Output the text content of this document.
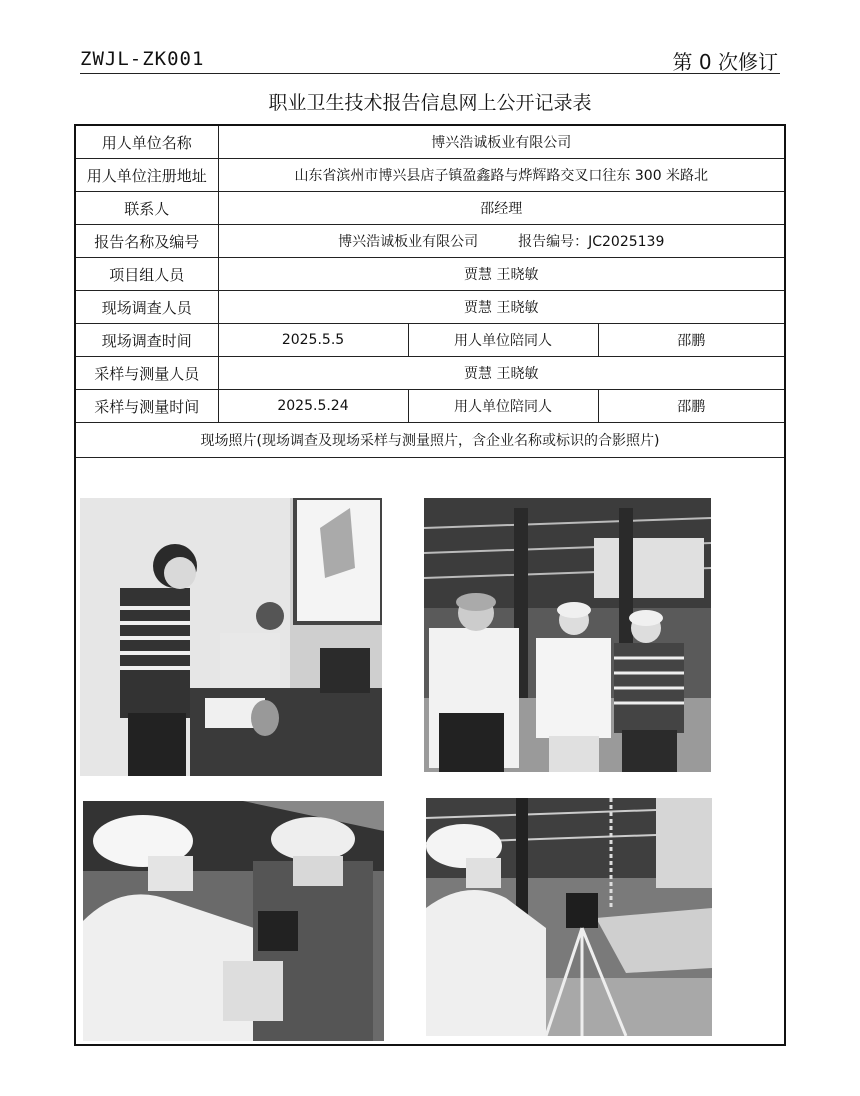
ZWJL-ZK001	第 0 次修订
职业卫生技术报告信息网上公开记录表
用人单位名称	博兴浩诚板业有限公司		
用人单位注册地址	山东省滨州市博兴县店子镇盈鑫路与烨辉路交叉口往东 300 米路北		
联系人	邵经理		
报告名称及编号	博兴浩诚板业有限公司 报告编号：JC2025139		
项目组人员	贾慧 王晓敏		
现场调查人员	贾慧 王晓敏		
现场调查时间	2025.5.5	用人单位陪同人	邵鹏
采样与测量人员	贾慧 王晓敏		
采样与测量时间	2025.5.24	用人单位陪同人	邵鹏
现场照片(现场调查及现场采样与测量照片，含企业名称或标识的合影照片)			
